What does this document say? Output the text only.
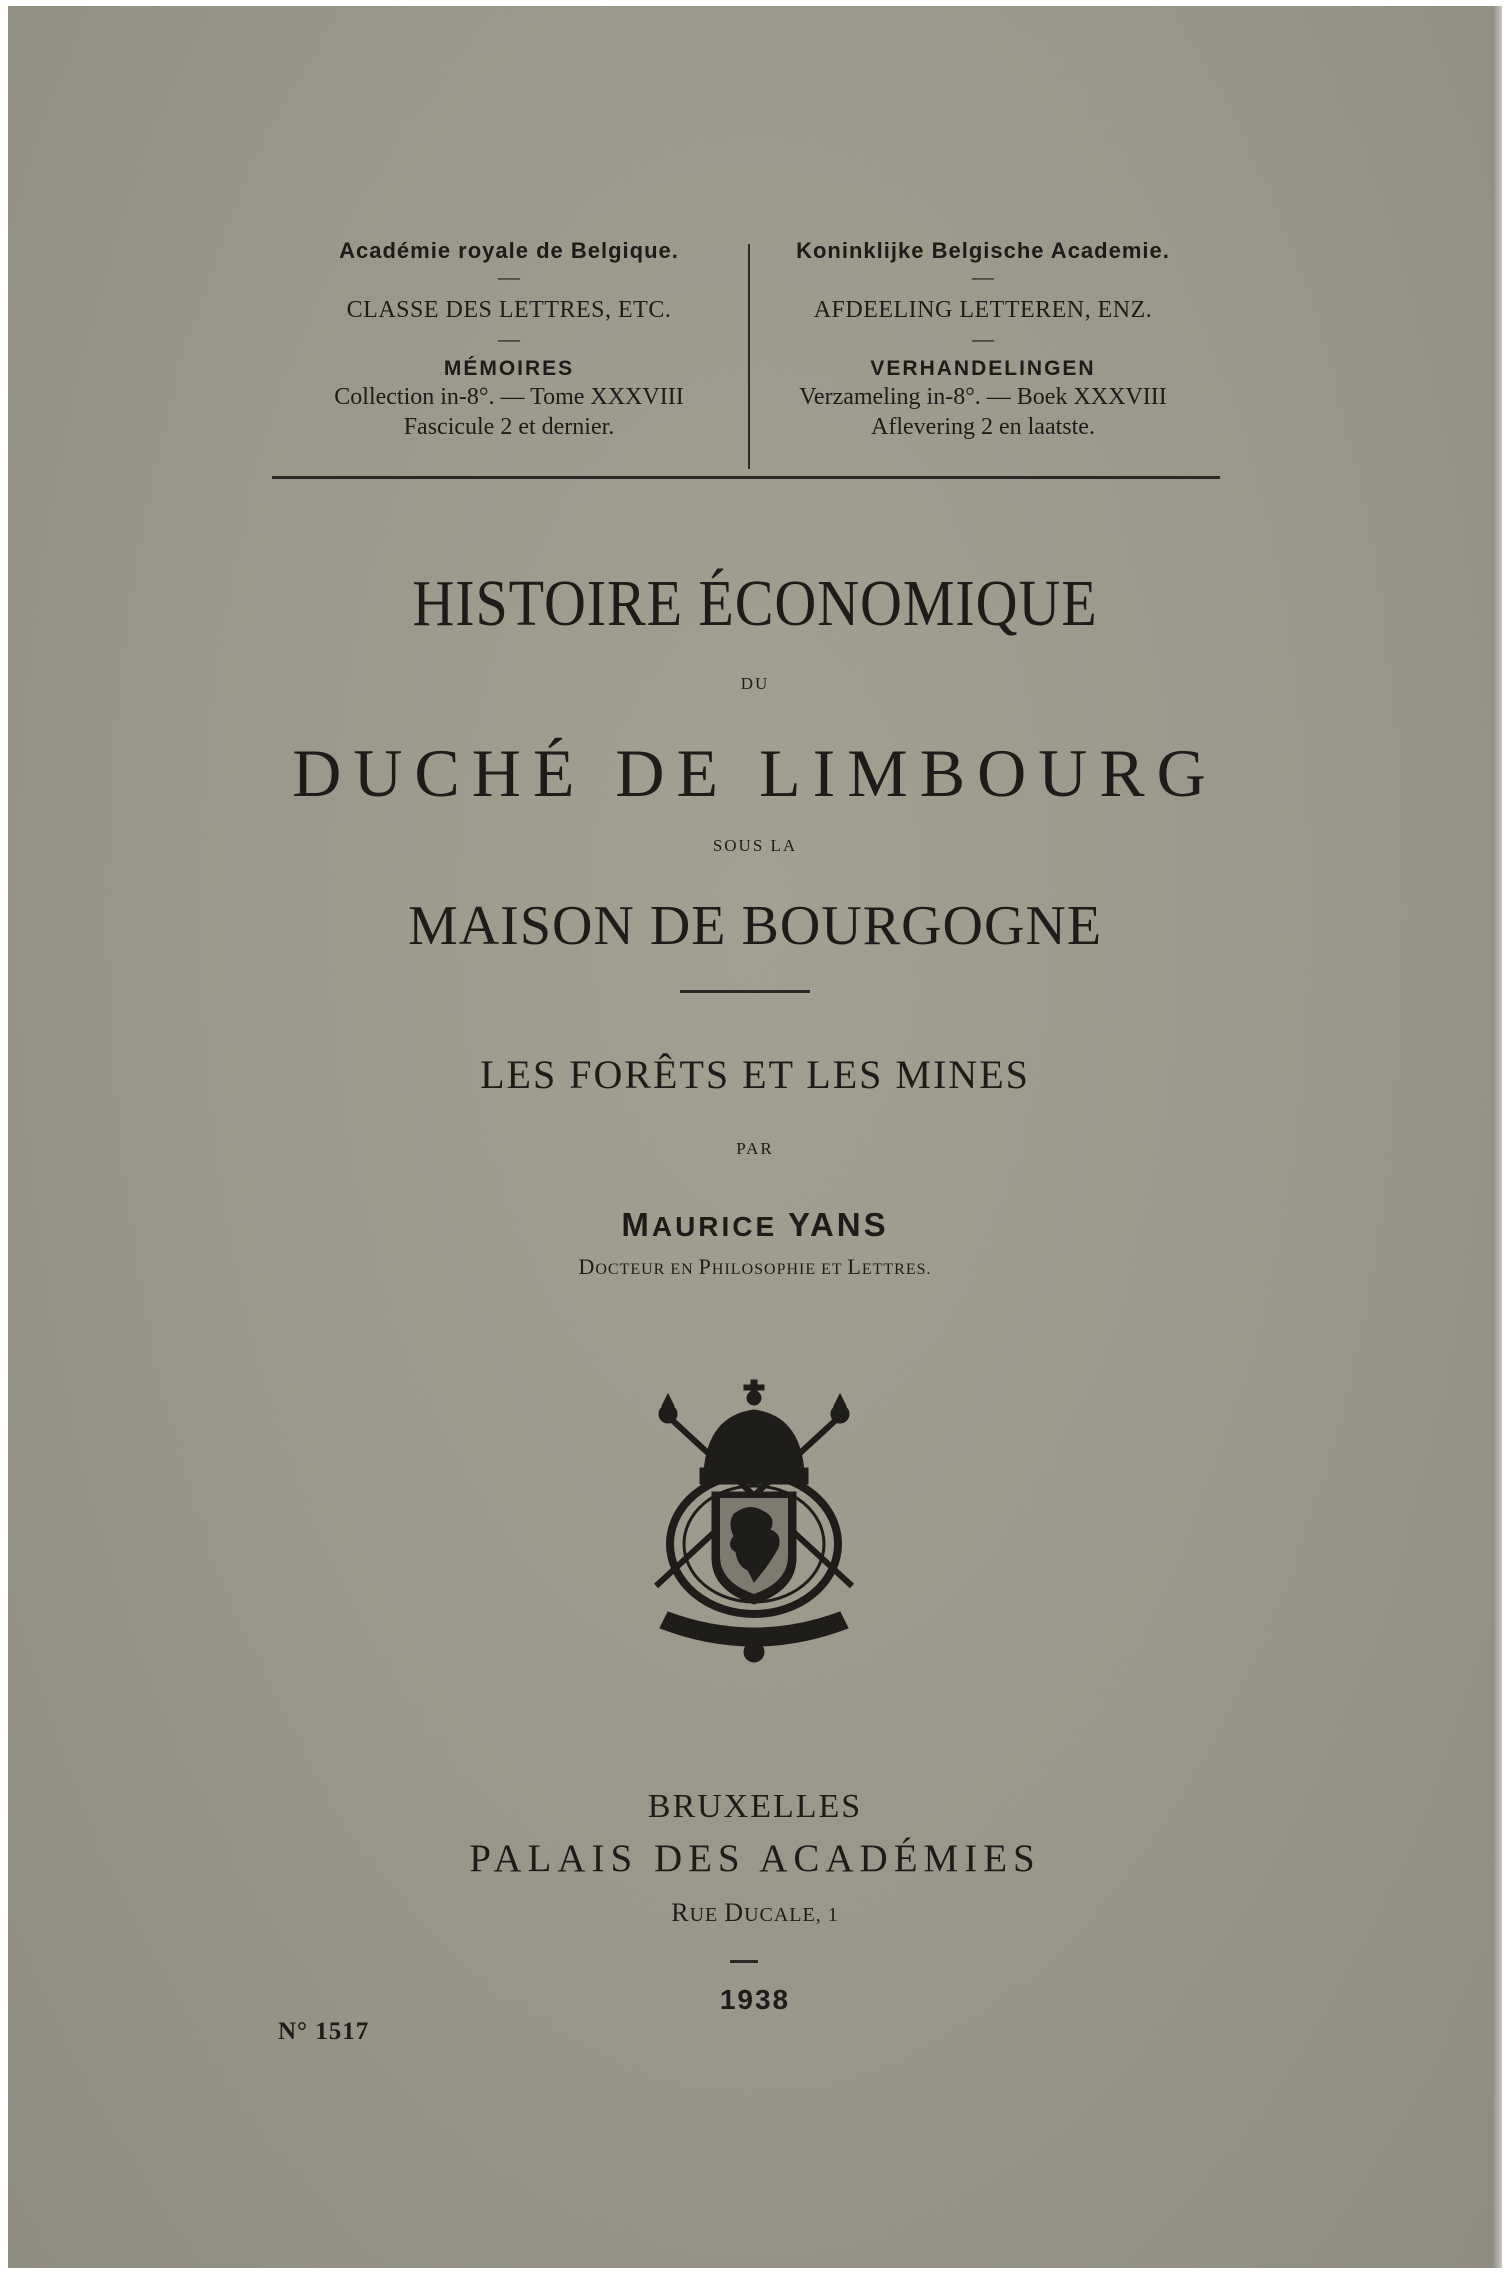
Académie royale de Belgique.
—
CLASSE DES LETTRES, ETC.
—
MÉMOIRES
Collection in-8°. — Tome XXXVIII
Fascicule 2 et dernier.
Koninklijke Belgische Academie.
—
AFDEELING LETTEREN, ENZ.
—
VERHANDELINGEN
Verzameling in-8°. — Boek XXXVIII
Aflevering 2 en laatste.
HISTOIRE ÉCONOMIQUE
DU
DUCHÉ DE LIMBOURG
SOUS LA
MAISON DE BOURGOGNE
LES FORÊTS ET LES MINES
PAR
MAURICE YANS
DOCTEUR EN PHILOSOPHIE ET LETTRES.
BRUXELLES
PALAIS DES ACADÉMIES
RUE DUCALE, 1
1938
N° 1517
